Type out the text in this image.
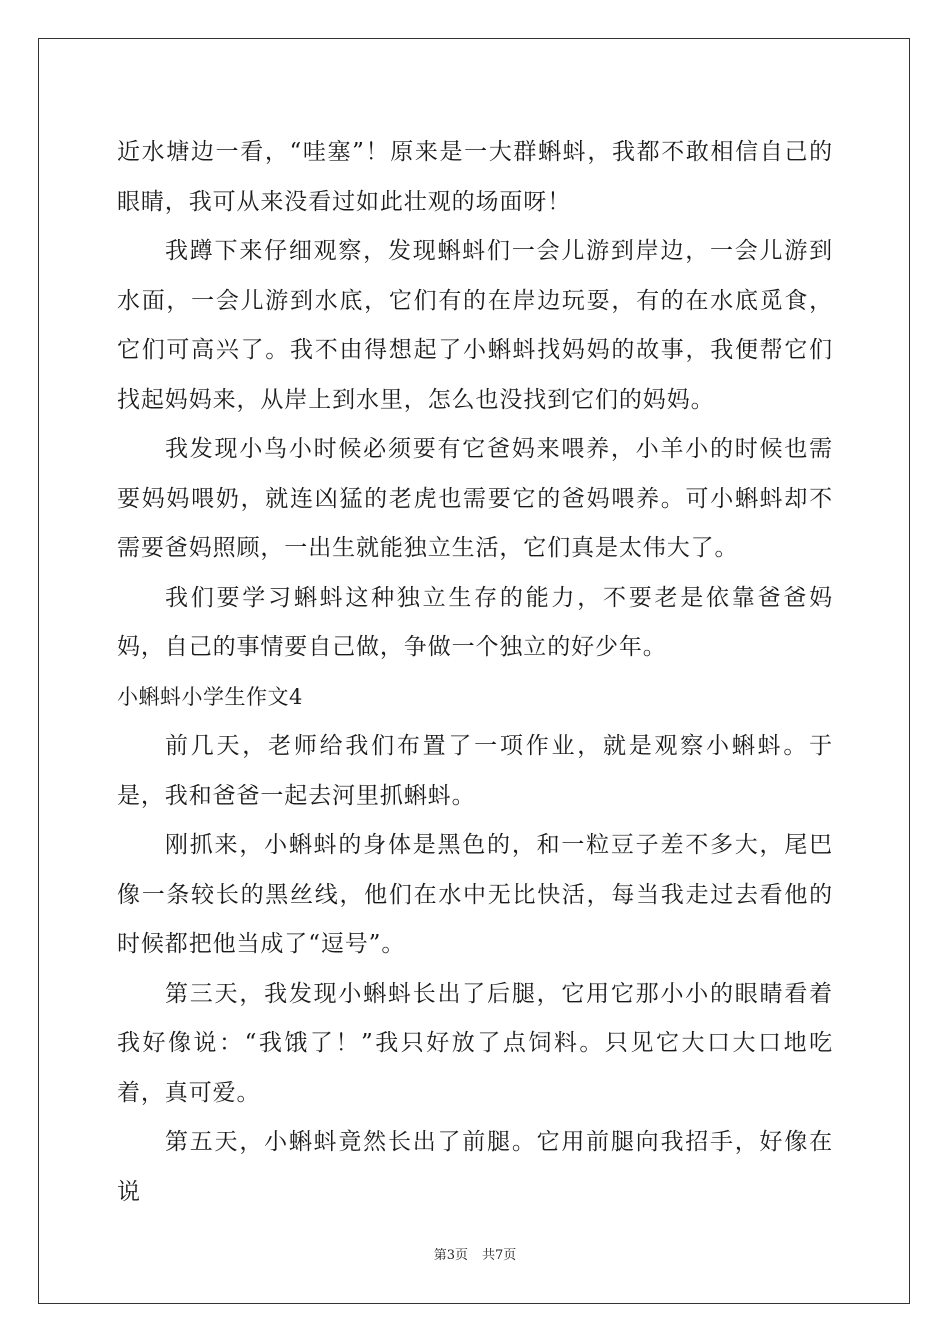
近水塘边一看，“哇塞”！原来是一大群蝌蚪，我都不敢相信自己的眼睛，我可从来没看过如此壮观的场面呀！

我蹲下来仔细观察，发现蝌蚪们一会儿游到岸边，一会儿游到水面，一会儿游到水底，它们有的在岸边玩耍，有的在水底觅食，它们可高兴了。我不由得想起了小蝌蚪找妈妈的故事，我便帮它们找起妈妈来，从岸上到水里，怎么也没找到它们的妈妈。

我发现小鸟小时候必须要有它爸妈来喂养，小羊小的时候也需要妈妈喂奶，就连凶猛的老虎也需要它的爸妈喂养。可小蝌蚪却不需要爸妈照顾，一出生就能独立生活，它们真是太伟大了。

我们要学习蝌蚪这种独立生存的能力，不要老是依靠爸爸妈妈，自己的事情要自己做，争做一个独立的好少年。

小蝌蚪小学生作文4

前几天，老师给我们布置了一项作业，就是观察小蝌蚪。于是，我和爸爸一起去河里抓蝌蚪。

刚抓来，小蝌蚪的身体是黑色的，和一粒豆子差不多大，尾巴像一条较长的黑丝线，他们在水中无比快活，每当我走过去看他的时候都把他当成了“逗号”。

第三天，我发现小蝌蚪长出了后腿，它用它那小小的眼睛看着我好像说：“我饿了！”我只好放了点饲料。只见它大口大口地吃着，真可爱。

第五天，小蝌蚪竟然长出了前腿。它用前腿向我招手，好像在说

第3页 共7页
